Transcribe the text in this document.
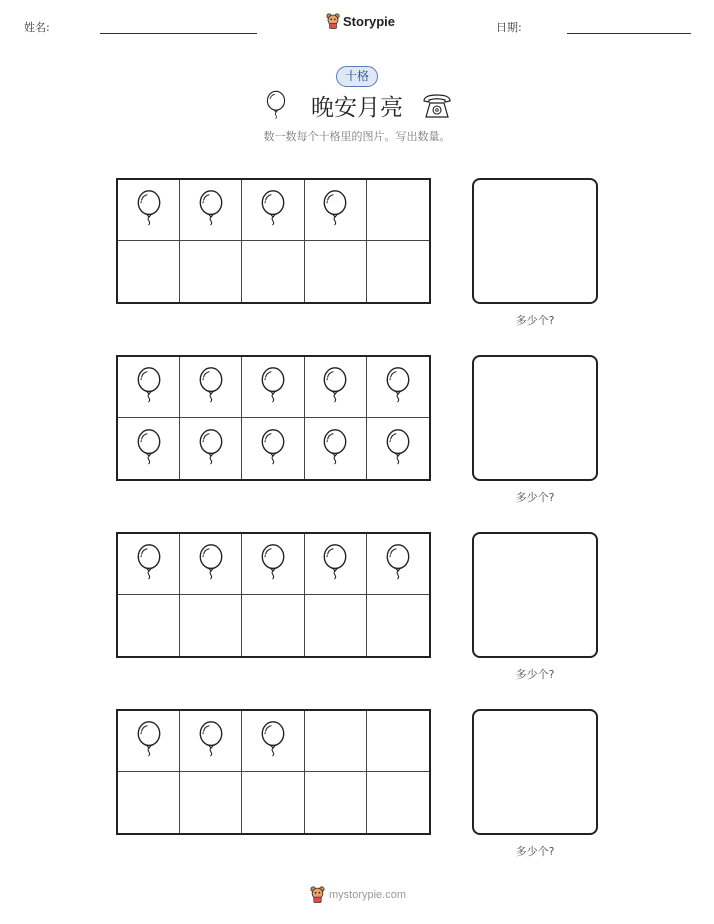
姓名:	Storypie	日期:
十格
晚安月亮
数一数每个十格里的图片。写出数量。
多少个?
多少个?
多少个?
多少个?
mystorypie.com
